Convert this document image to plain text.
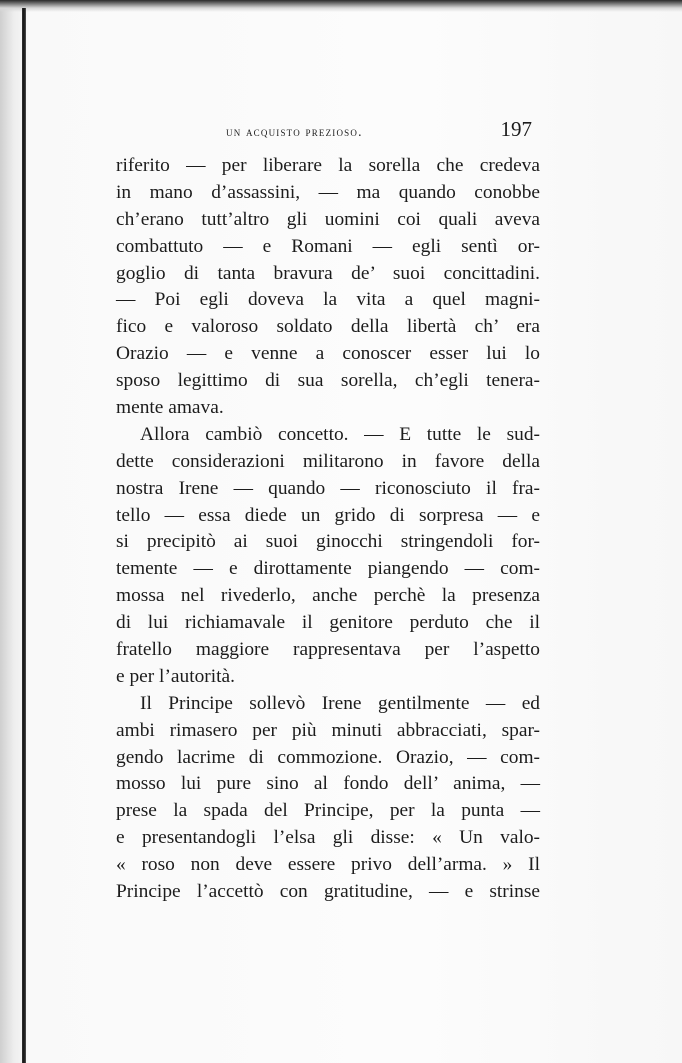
un acquisto prezioso.	197
riferito — per liberare la sorella che credeva
in mano d’assassini, — ma quando conobbe
ch’erano tutt’altro gli uomini coi quali aveva
combattuto — e Romani — egli sentì or-
goglio di tanta bravura de’ suoi concittadini.
— Poi egli doveva la vita a quel magni-
fico e valoroso soldato della libertà ch’ era
Orazio — e venne a conoscer esser lui lo
sposo legittimo di sua sorella, ch’egli tenera-
mente amava.
Allora cambiò concetto. — E tutte le sud-
dette considerazioni militarono in favore della
nostra Irene — quando — riconosciuto il fra-
tello — essa diede un grido di sorpresa — e
si precipitò ai suoi ginocchi stringendoli for-
temente — e dirottamente piangendo — com-
mossa nel rivederlo, anche perchè la presenza
di lui richiamavale il genitore perduto che il
fratello maggiore rappresentava per l’aspetto
e per l’autorità.
Il Principe sollevò Irene gentilmente — ed
ambi rimasero per più minuti abbracciati, spar-
gendo lacrime di commozione. Orazio, — com-
mosso lui pure sino al fondo dell’ anima, —
prese la spada del Principe, per la punta —
e presentandogli l’elsa gli disse: « Un valo-
« roso non deve essere privo dell’arma. » Il
Principe l’accettò con gratitudine, — e strinse
